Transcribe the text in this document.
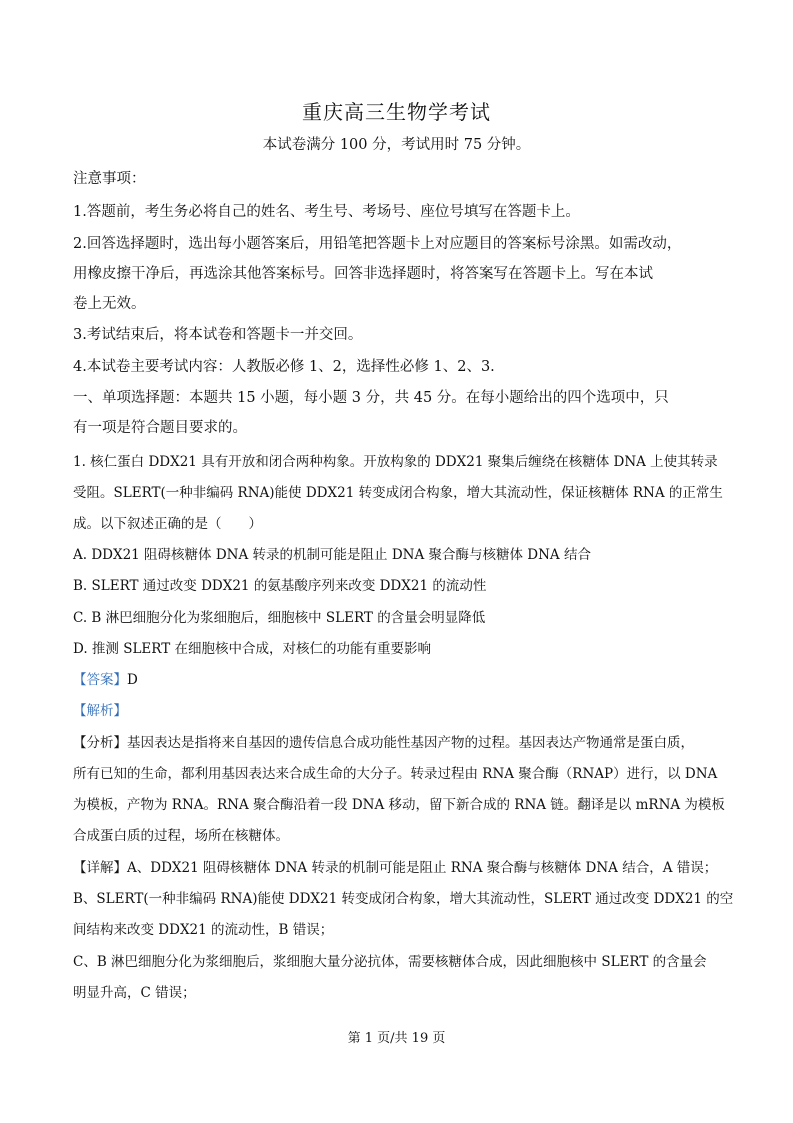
重庆高三生物学考试
本试卷满分 100 分，考试用时 75 分钟。
注意事项：
1.答题前，考生务必将自己的姓名、考生号、考场号、座位号填写在答题卡上。
2.回答选择题时，选出每小题答案后，用铅笔把答题卡上对应题目的答案标号涂黑。如需改动，
用橡皮擦干净后，再选涂其他答案标号。回答非选择题时，将答案写在答题卡上。写在本试
卷上无效。
3.考试结束后，将本试卷和答题卡一并交回。
4.本试卷主要考试内容：人教版必修 1、2，选择性必修 1、2、3.
一、单项选择题：本题共 15 小题，每小题 3 分，共 45 分。在每小题给出的四个选项中，只
有一项是符合题目要求的。
1. 核仁蛋白 DDX21 具有开放和闭合两种构象。开放构象的 DDX21 聚集后缠绕在核糖体 DNA 上使其转录
受阻。SLERT(一种非编码 RNA)能使 DDX21 转变成闭合构象，增大其流动性，保证核糖体 RNA 的正常生
成。以下叙述正确的是（　　）
A. DDX21 阻碍核糖体 DNA 转录的机制可能是阻止 DNA 聚合酶与核糖体 DNA 结合
B. SLERT 通过改变 DDX21 的氨基酸序列来改变 DDX21 的流动性
C. B 淋巴细胞分化为浆细胞后，细胞核中 SLERT 的含量会明显降低
D. 推测 SLERT 在细胞核中合成，对核仁的功能有重要影响
【答案】D
【解析】
【分析】基因表达是指将来自基因的遗传信息合成功能性基因产物的过程。基因表达产物通常是蛋白质，
所有已知的生命，都利用基因表达来合成生命的大分子。转录过程由 RNA 聚合酶（RNAP）进行，以 DNA
为模板，产物为 RNA。RNA 聚合酶沿着一段 DNA 移动，留下新合成的 RNA 链。翻译是以 mRNA 为模板
合成蛋白质的过程，场所在核糖体。
【详解】A、DDX21 阻碍核糖体 DNA 转录的机制可能是阻止 RNA 聚合酶与核糖体 DNA 结合，A 错误；
B、SLERT(一种非编码 RNA)能使 DDX21 转变成闭合构象，增大其流动性，SLERT 通过改变 DDX21 的空
间结构来改变 DDX21 的流动性，B 错误；
C、B 淋巴细胞分化为浆细胞后，浆细胞大量分泌抗体，需要核糖体合成，因此细胞核中 SLERT 的含量会
明显升高，C 错误；
第 1 页/共 19 页
